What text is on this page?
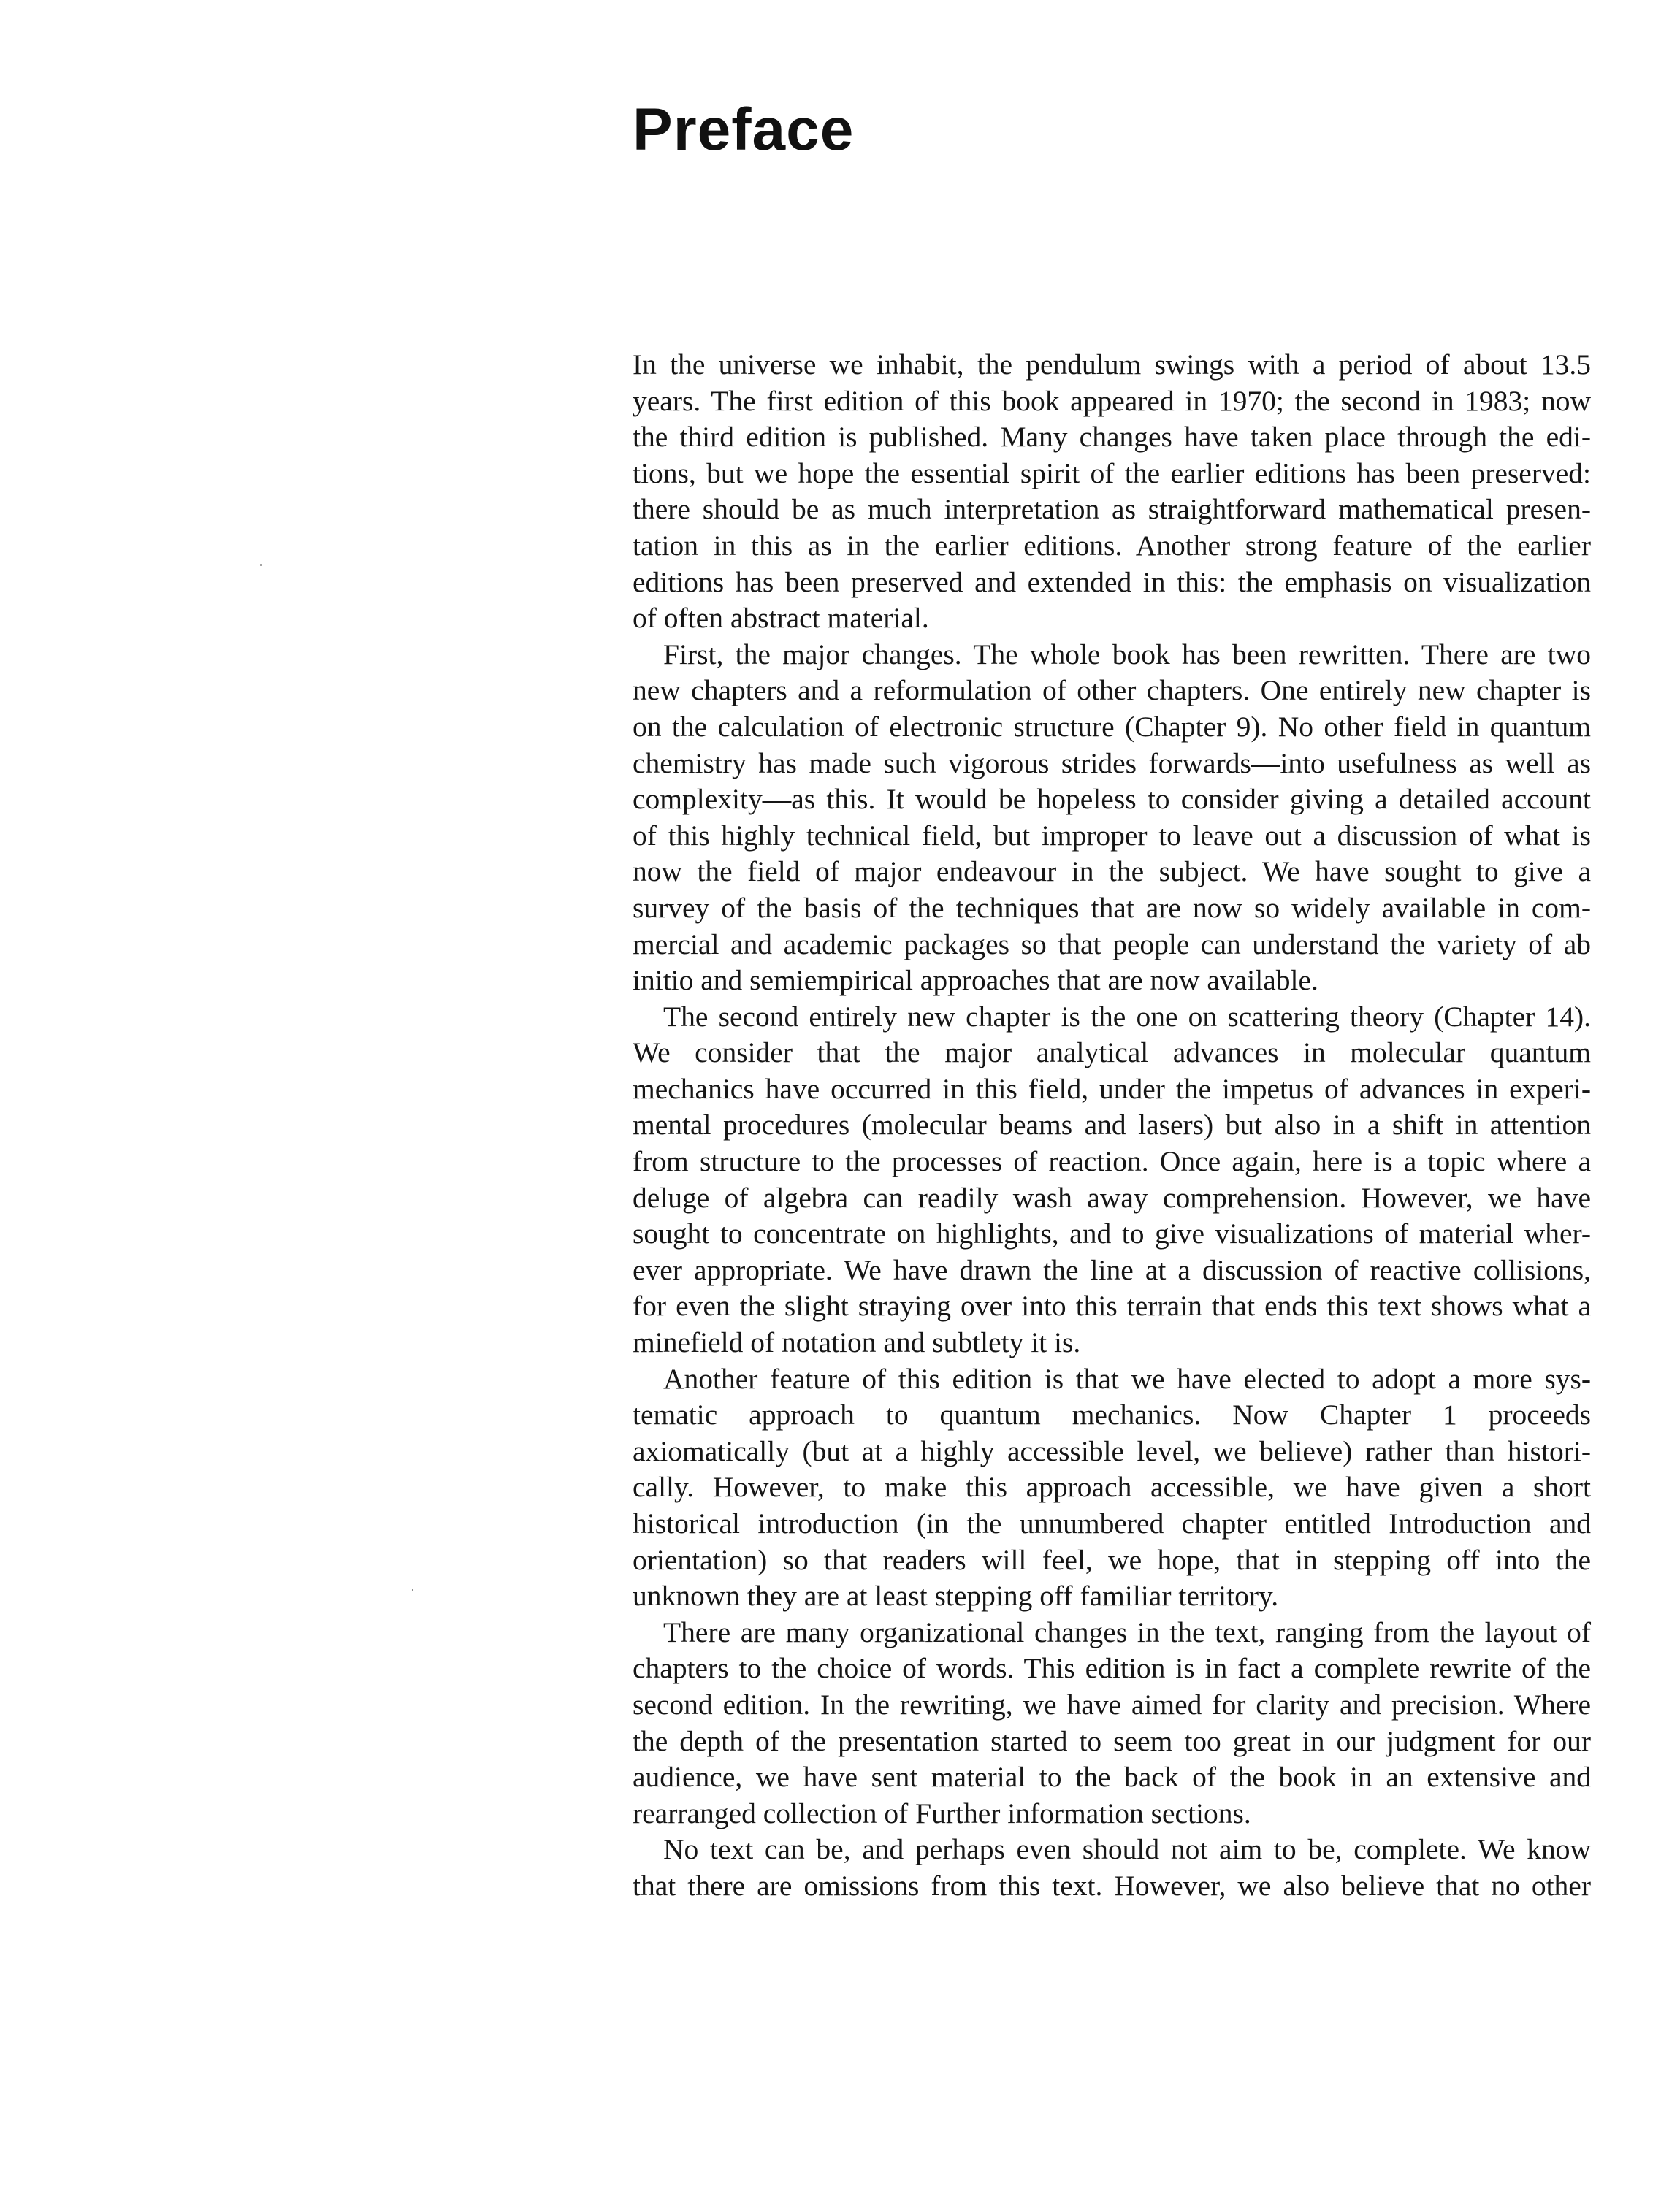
Preface

In the universe we inhabit, the pendulum swings with a period of about 13.5
years. The first edition of this book appeared in 1970; the second in 1983; now
the third edition is published. Many changes have taken place through the edi-
tions, but we hope the essential spirit of the earlier editions has been preserved:
there should be as much interpretation as straightforward mathematical presen-
tation in this as in the earlier editions. Another strong feature of the earlier
editions has been preserved and extended in this: the emphasis on visualization
of often abstract material.

First, the major changes. The whole book has been rewritten. There are two
new chapters and a reformulation of other chapters. One entirely new chapter is
on the calculation of electronic structure (Chapter 9). No other field in quantum
chemistry has made such vigorous strides forwards—into usefulness as well as
complexity—as this. It would be hopeless to consider giving a detailed account
of this highly technical field, but improper to leave out a discussion of what is
now the field of major endeavour in the subject. We have sought to give a
survey of the basis of the techniques that are now so widely available in com-
mercial and academic packages so that people can understand the variety of ab
initio and semiempirical approaches that are now available.

The second entirely new chapter is the one on scattering theory (Chapter 14).
We consider that the major analytical advances in molecular quantum
mechanics have occurred in this field, under the impetus of advances in experi-
mental procedures (molecular beams and lasers) but also in a shift in attention
from structure to the processes of reaction. Once again, here is a topic where a
deluge of algebra can readily wash away comprehension. However, we have
sought to concentrate on highlights, and to give visualizations of material wher-
ever appropriate. We have drawn the line at a discussion of reactive collisions,
for even the slight straying over into this terrain that ends this text shows what a
minefield of notation and subtlety it is.

Another feature of this edition is that we have elected to adopt a more sys-
tematic approach to quantum mechanics. Now Chapter 1 proceeds
axiomatically (but at a highly accessible level, we believe) rather than histori-
cally. However, to make this approach accessible, we have given a short
historical introduction (in the unnumbered chapter entitled Introduction and
orientation) so that readers will feel, we hope, that in stepping off into the
unknown they are at least stepping off familiar territory.

There are many organizational changes in the text, ranging from the layout of
chapters to the choice of words. This edition is in fact a complete rewrite of the
second edition. In the rewriting, we have aimed for clarity and precision. Where
the depth of the presentation started to seem too great in our judgment for our
audience, we have sent material to the back of the book in an extensive and
rearranged collection of Further information sections.

No text can be, and perhaps even should not aim to be, complete. We know
that there are omissions from this text. However, we also believe that no other
